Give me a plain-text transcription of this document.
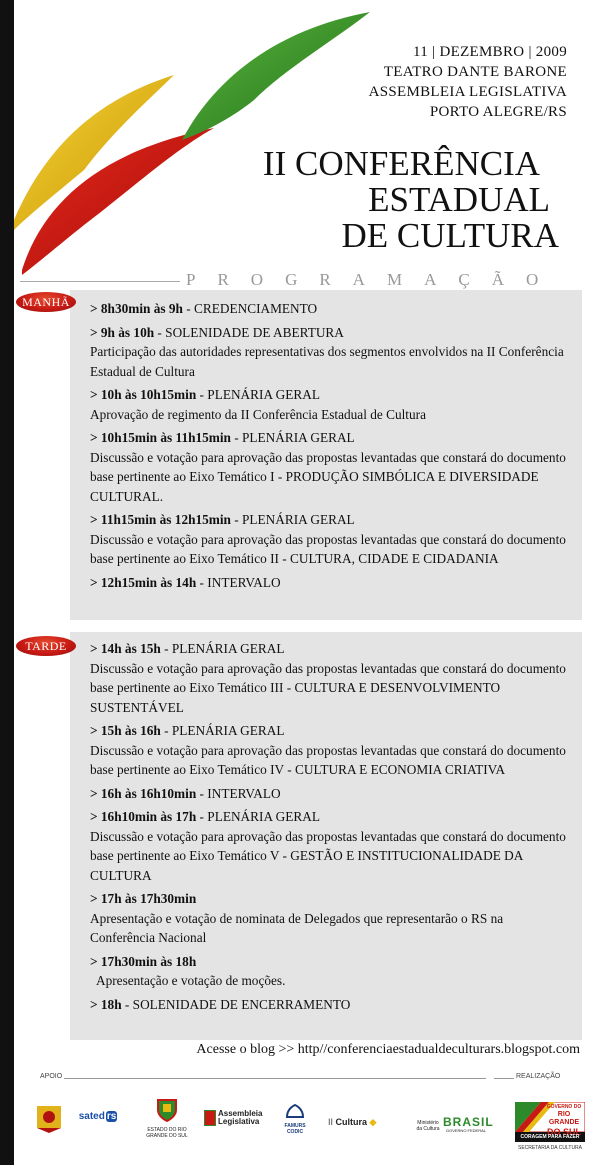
11 | DEZEMBRO | 2009
TEATRO DANTE BARONE
ASSEMBLEIA LEGISLATIVA
PORTO ALEGRE/RS
II CONFERÊNCIA
ESTADUAL
DE CULTURA
PROGRAMAÇÃO
MANHÃ
TARDE
> 8h30min às 9h - CREDENCIAMENTO
> 9h às 10h - SOLENIDADE DE ABERTURA
Participação das autoridades representativas dos segmentos envolvidos na II Conferência Estadual de Cultura
> 10h às 10h15min - PLENÁRIA GERAL
Aprovação de regimento da II Conferência Estadual de Cultura
> 10h15min às 11h15min - PLENÁRIA GERAL
Discussão e votação para aprovação das propostas levantadas que constará do documento base pertinente ao Eixo Temático I - PRODUÇÃO SIMBÓLICA E DIVERSIDADE CULTURAL.
> 11h15min às 12h15min - PLENÁRIA GERAL
Discussão e votação para aprovação das propostas levantadas que constará do documento base pertinente ao Eixo Temático II - CULTURA, CIDADE E CIDADANIA
> 12h15min às 14h - INTERVALO
> 14h às 15h - PLENÁRIA GERAL
Discussão e votação para aprovação das propostas levantadas que constará do documento base pertinente ao Eixo Temático III - CULTURA E DESENVOLVIMENTO SUSTENTÁVEL
> 15h às 16h - PLENÁRIA GERAL
Discussão e votação para aprovação das propostas levantadas que constará do documento base pertinente ao Eixo Temático IV - CULTURA E ECONOMIA CRIATIVA
> 16h às 16h10min - INTERVALO
> 16h10min às 17h - PLENÁRIA GERAL
Discussão e votação para aprovação das propostas levantadas que constará do documento base pertinente ao Eixo Temático V - GESTÃO E INSTITUCIONALIDADE DA CULTURA
> 17h às 17h30min
Apresentação e votação de nominata de Delegados que representarão o RS na Conferência Nacional
> 17h30min às 18h
Apresentação e votação de moções.
> 18h - SOLENIDADE DE ENCERRAMENTO
Acesse o blog >> http//conferenciaestadualdeculturars.blogspot.com
APOIO	REALIZAÇÃO
sated rs
ESTADO DO RIO GRANDE DO SUL
Assembleia
Legislativa	FAMURS
CODIC
II Cultura ◆	Ministério
da Cultura BRASIL
GOVERNO FEDERAL
GOVERNO DO
RIO GRANDE
DO SUL
CORAGEM PARA FAZER
SECRETARIA DA CULTURA
